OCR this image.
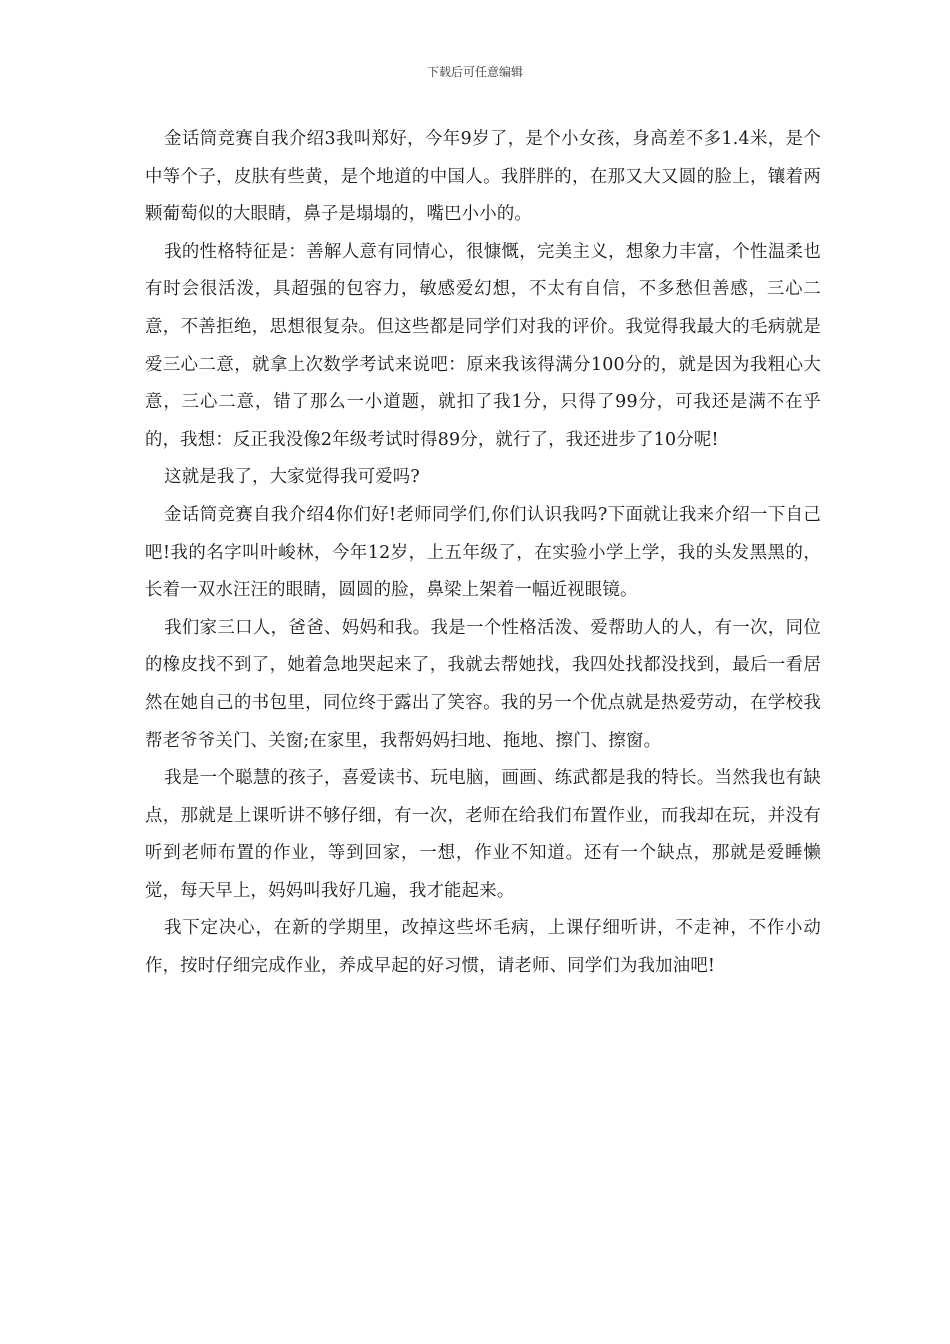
下载后可任意编辑

金话筒竞赛自我介绍3我叫郑好，今年9岁了，是个小女孩，身高差不多1.4米，是个中等个子，皮肤有些黄，是个地道的中国人。我胖胖的，在那又大又圆的脸上，镶着两颗葡萄似的大眼睛，鼻子是塌塌的，嘴巴小小的。

我的性格特征是：善解人意有同情心，很慷慨，完美主义，想象力丰富，个性温柔也有时会很活泼，具超强的包容力，敏感爱幻想，不太有自信，不多愁但善感，三心二意，不善拒绝，思想很复杂。但这些都是同学们对我的评价。我觉得我最大的毛病就是爱三心二意，就拿上次数学考试来说吧：原来我该得满分100分的，就是因为我粗心大意，三心二意，错了那么一小道题，就扣了我1分，只得了99分，可我还是满不在乎的，我想：反正我没像2年级考试时得89分，就行了，我还进步了10分呢!

这就是我了，大家觉得我可爱吗?

金话筒竞赛自我介绍4你们好!老师同学们,你们认识我吗?下面就让我来介绍一下自己吧!我的名字叫叶峻林，今年12岁，上五年级了，在实验小学上学，我的头发黑黑的，长着一双水汪汪的眼睛，圆圆的脸，鼻梁上架着一幅近视眼镜。

我们家三口人，爸爸、妈妈和我。我是一个性格活泼、爱帮助人的人，有一次，同位的橡皮找不到了，她着急地哭起来了，我就去帮她找，我四处找都没找到，最后一看居然在她自己的书包里，同位终于露出了笑容。我的另一个优点就是热爱劳动，在学校我帮老爷爷关门、关窗;在家里，我帮妈妈扫地、拖地、擦门、擦窗。

我是一个聪慧的孩子，喜爱读书、玩电脑，画画、练武都是我的特长。当然我也有缺点，那就是上课听讲不够仔细，有一次，老师在给我们布置作业，而我却在玩，并没有听到老师布置的作业，等到回家，一想，作业不知道。还有一个缺点，那就是爱睡懒觉，每天早上，妈妈叫我好几遍，我才能起来。

我下定决心，在新的学期里，改掉这些坏毛病，上课仔细听讲，不走神，不作小动作，按时仔细完成作业，养成早起的好习惯，请老师、同学们为我加油吧!
